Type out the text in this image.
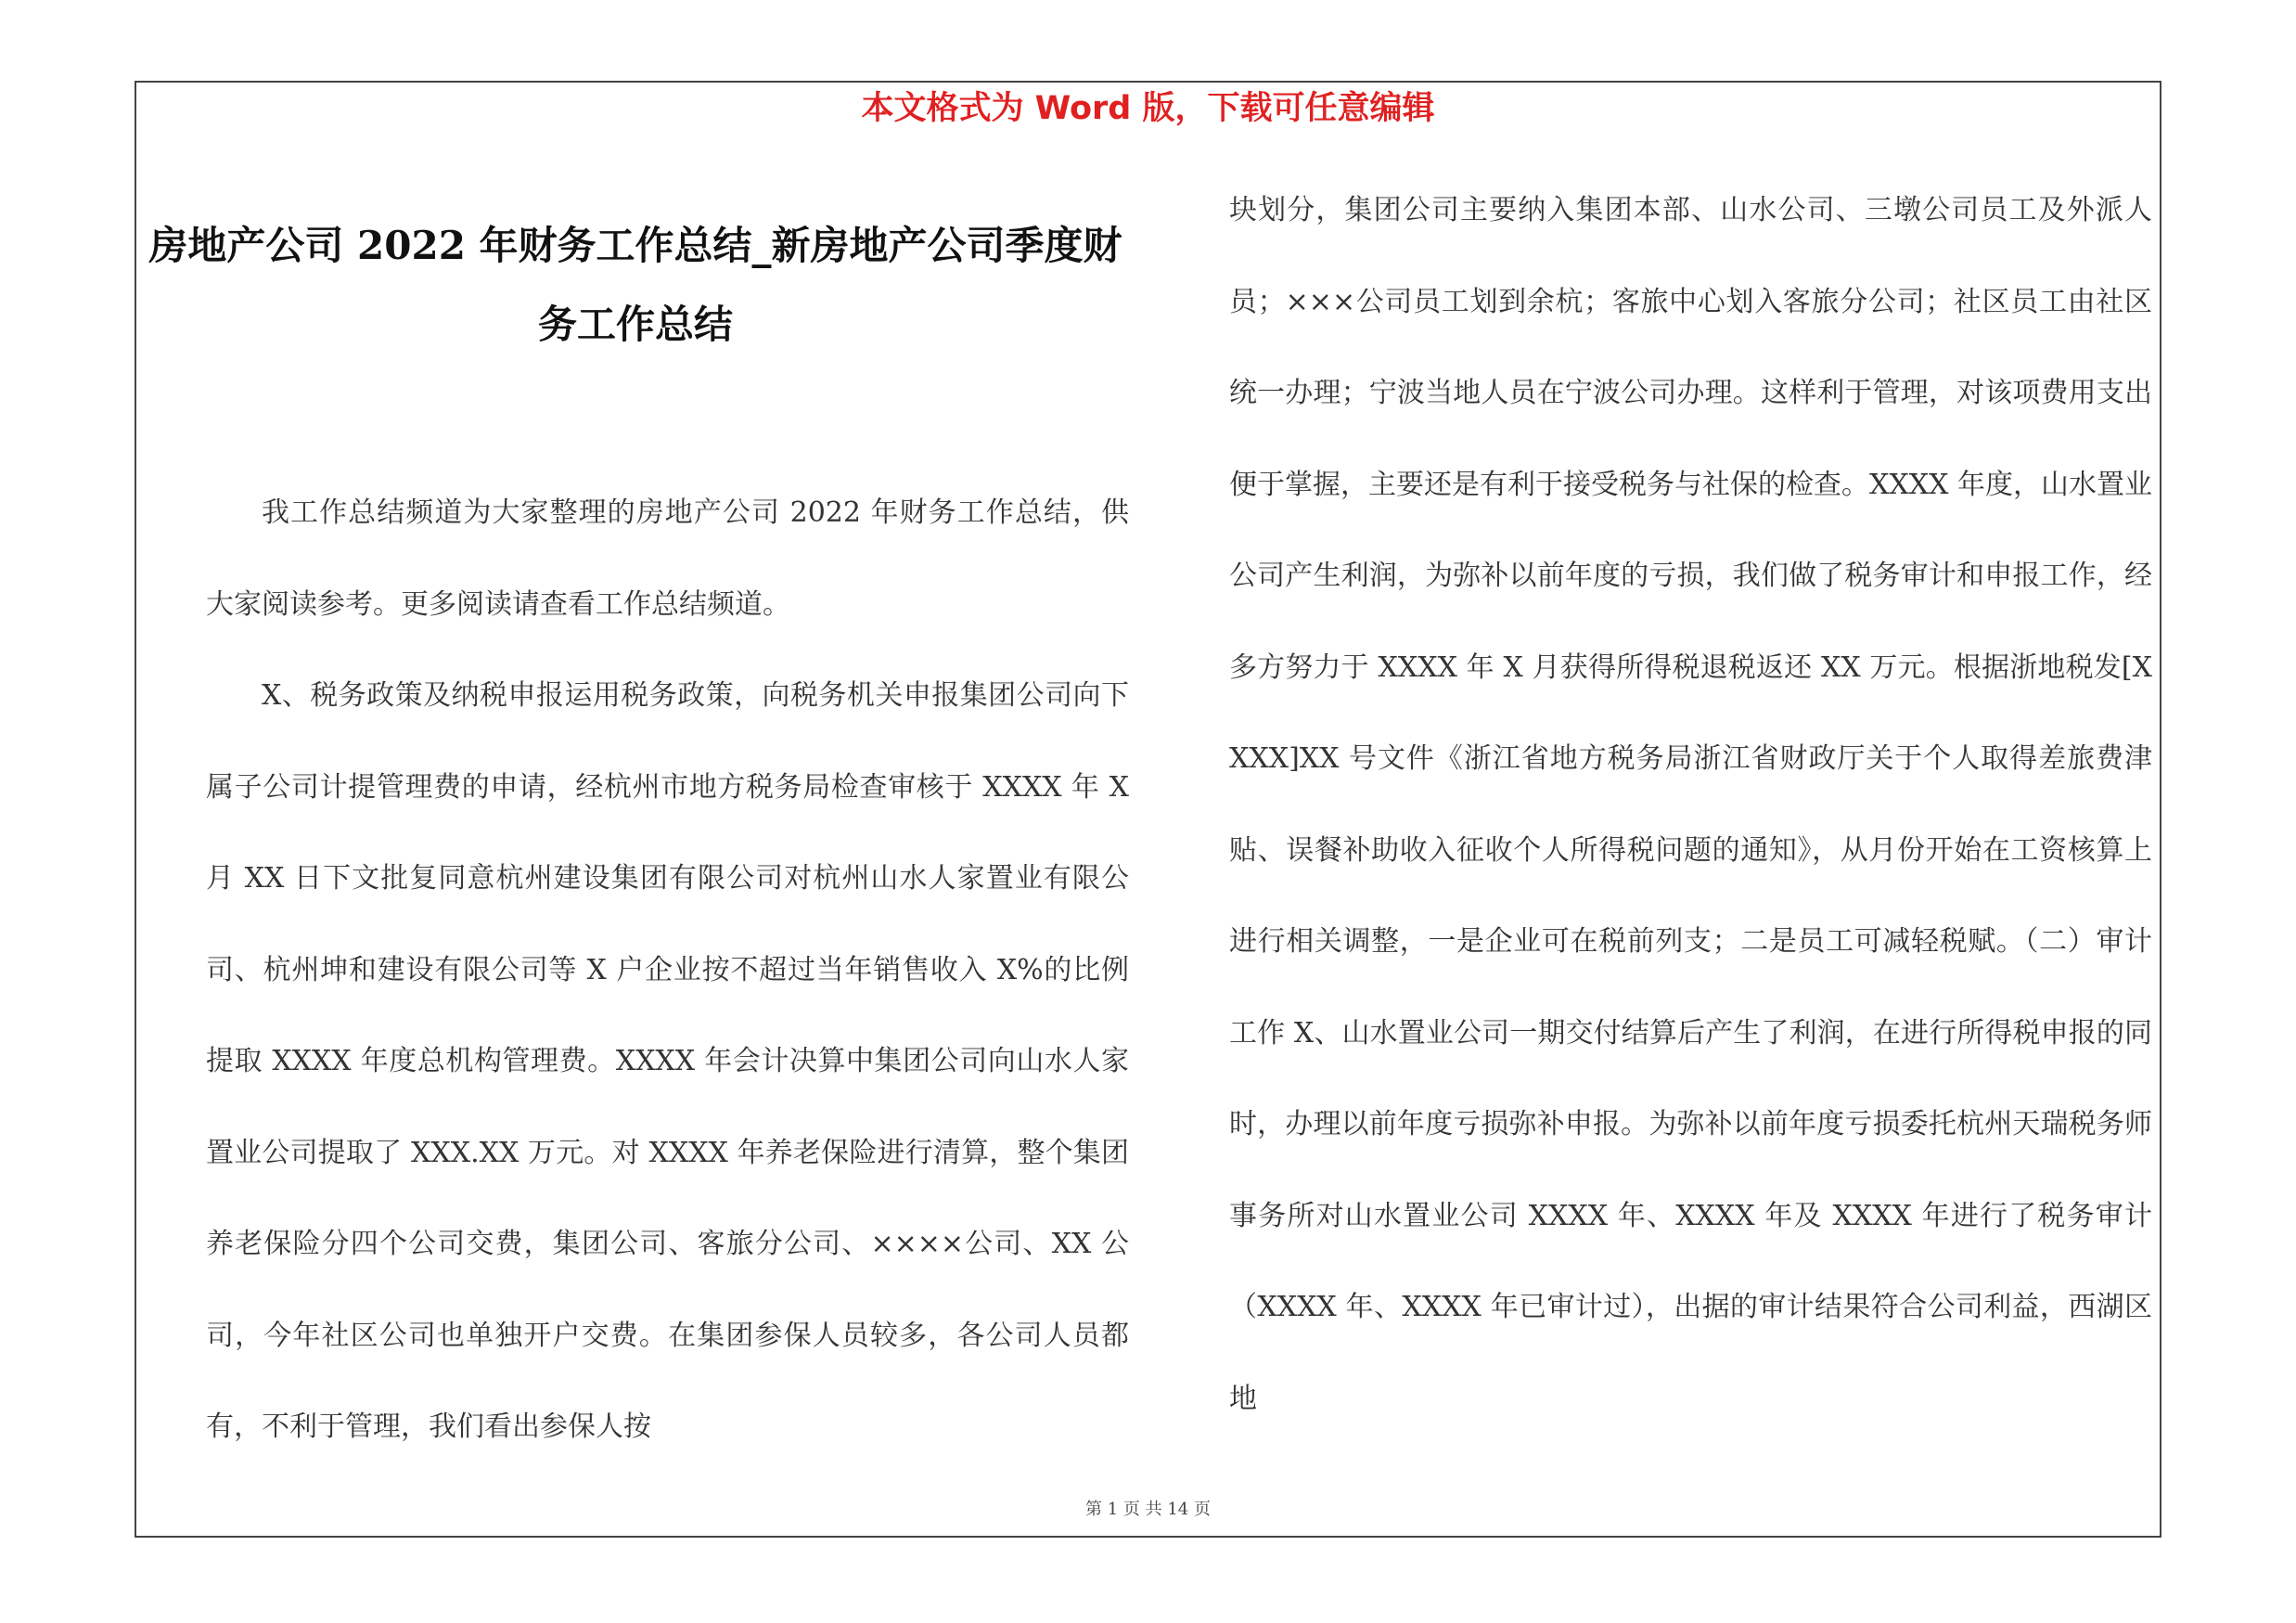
本文格式为 Word 版，下载可任意编辑
房地产公司 2022 年财务工作总结_新房地产公司季度财务工作总结

我工作总结频道为大家整理的房地产公司 2022 年财务工作总结，供大家阅读参考。更多阅读请查看工作总结频道。

X、税务政策及纳税申报运用税务政策，向税务机关申报集团公司向下属子公司计提管理费的申请，经杭州市地方税务局检查审核于 XXXX 年 X 月 XX 日下文批复同意杭州建设集团有限公司对杭州山水人家置业有限公司、杭州坤和建设有限公司等 X 户企业按不超过当年销售收入 X%的比例提取 XXXX 年度总机构管理费。XXXX 年会计决算中集团公司向山水人家置业公司提取了 XXX.XX 万元。对 XXXX 年养老保险进行清算，整个集团养老保险分四个公司交费，集团公司、客旅分公司、××××公司、XX 公司，今年社区公司也单独开户交费。在集团参保人员较多，各公司人员都有，不利于管理，我们看出参保人按

块划分，集团公司主要纳入集团本部、山水公司、三墩公司员工及外派人员；×××公司员工划到余杭；客旅中心划入客旅分公司；社区员工由社区统一办理；宁波当地人员在宁波公司办理。这样利于管理，对该项费用支出便于掌握，主要还是有利于接受税务与社保的检查。XXXX 年度，山水置业公司产生利润，为弥补以前年度的亏损，我们做了税务审计和申报工作，经多方努力于 XXXX 年 X 月获得所得税退税返还 XX 万元。根据浙地税发[XXXX]XX 号文件《浙江省地方税务局浙江省财政厅关于个人取得差旅费津贴、误餐补助收入征收个人所得税问题的通知》，从月份开始在工资核算上进行相关调整，一是企业可在税前列支；二是员工可减轻税赋。（二）审计工作 X、山水置业公司一期交付结算后产生了利润，在进行所得税申报的同时，办理以前年度亏损弥补申报。为弥补以前年度亏损委托杭州天瑞税务师事务所对山水置业公司 XXXX 年、XXXX 年及 XXXX 年进行了税务审计（XXXX 年、XXXX 年已审计过），出据的审计结果符合公司利益，西湖区地

第 1 页 共 14 页
